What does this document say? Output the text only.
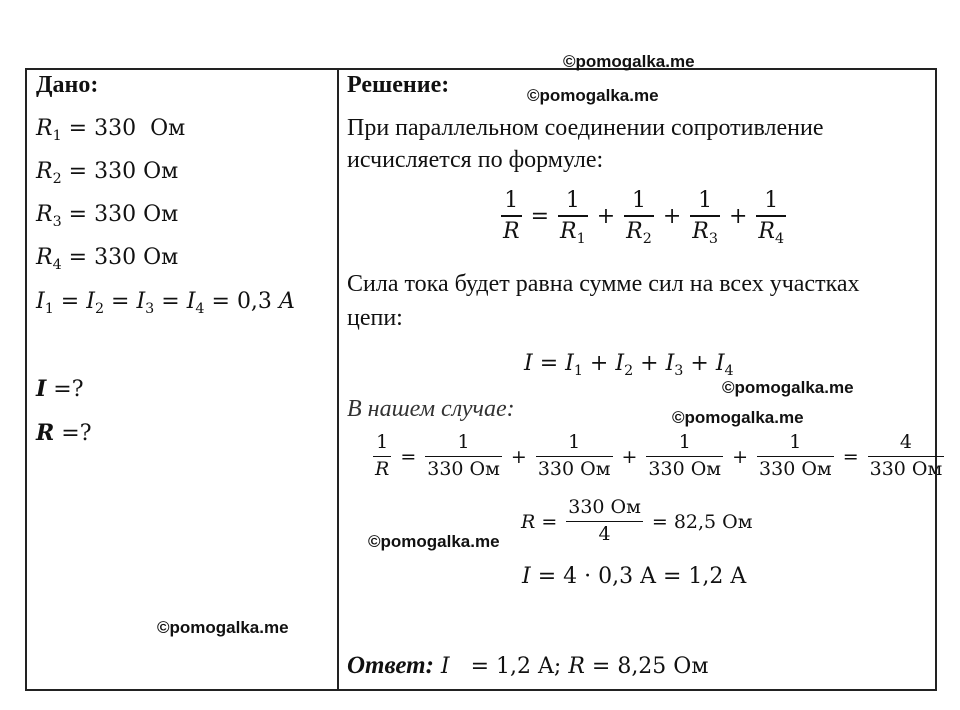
©pomogalka.me
©pomogalka.me
©pomogalka.me
©pomogalka.me
©pomogalka.me
©pomogalka.me
Дано:
$R_1 = 330$ Ом
$R_2 = 330$ Ом
$R_3 = 330$ Ом
$R_4 = 330$ Ом
$I_1 = I_2 = I_3 = I_4 = 0,3$ A
I =?
R =?
Решение:
При параллельном соединении сопротивление
исчисляется по формуле:
$\frac{1}{R} = \frac{1}{R_1} + \frac{1}{R_2} + \frac{1}{R_3} + \frac{1}{R_4}$
Сила тока будет равна сумме сил на всех участках
цепи:
$I = I_1 + I_2 + I_3 + I_4$
В нашем случае:
$\frac{1}{R} = \frac{1}{330 Ом} + \frac{1}{330 Ом} + \frac{1}{330 Ом} + \frac{1}{330 Ом} = \frac{4}{330 Ом}$
$R = \frac{330 Ом}{4} = 82,5$ Ом
I = 4 · 0,3 A = 1,2 A
Ответ: I = 1,2 A; R = 8,25 Ом
